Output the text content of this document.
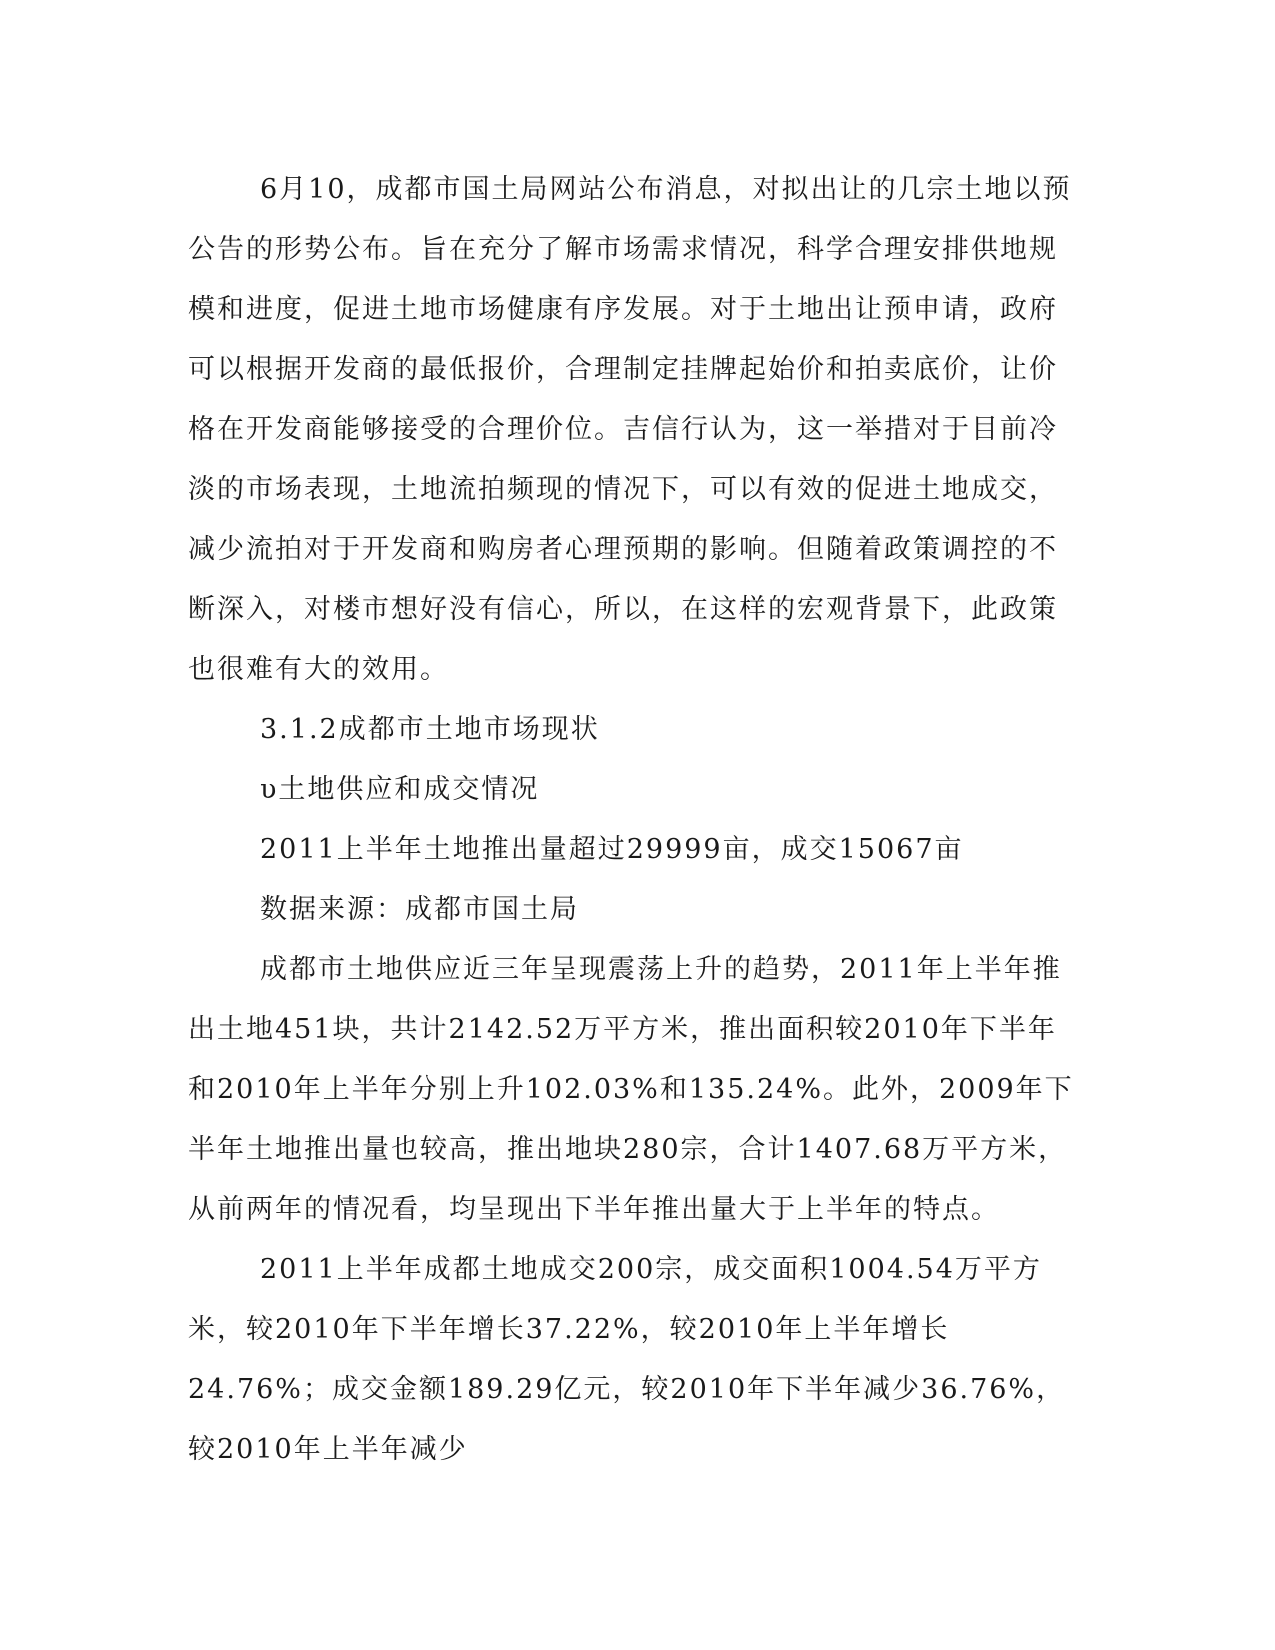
6月10，成都市国土局网站公布消息，对拟出让的几宗土地以预公告的形势公布。旨在充分了解市场需求情况，科学合理安排供地规模和进度，促进土地市场健康有序发展。对于土地出让预申请，政府可以根据开发商的最低报价，合理制定挂牌起始价和拍卖底价，让价格在开发商能够接受的合理价位。吉信行认为，这一举措对于目前冷淡的市场表现，土地流拍频现的情况下，可以有效的促进土地成交，减少流拍对于开发商和购房者心理预期的影响。但随着政策调控的不断深入，对楼市想好没有信心，所以，在这样的宏观背景下，此政策也很难有大的效用。

3.1.2成都市土地市场现状

υ土地供应和成交情况

2011上半年土地推出量超过29999亩，成交15067亩

数据来源：成都市国土局

成都市土地供应近三年呈现震荡上升的趋势，2011年上半年推出土地451块，共计2142.52万平方米，推出面积较2010年下半年和2010年上半年分别上升102.03%和135.24%。此外，2009年下半年土地推出量也较高，推出地块280宗，合计1407.68万平方米，从前两年的情况看，均呈现出下半年推出量大于上半年的特点。

2011上半年成都土地成交200宗，成交面积1004.54万平方米，较2010年下半年增长37.22%，较2010年上半年增长24.76%；成交金额189.29亿元，较2010年下半年减少36.76%，较2010年上半年减少
